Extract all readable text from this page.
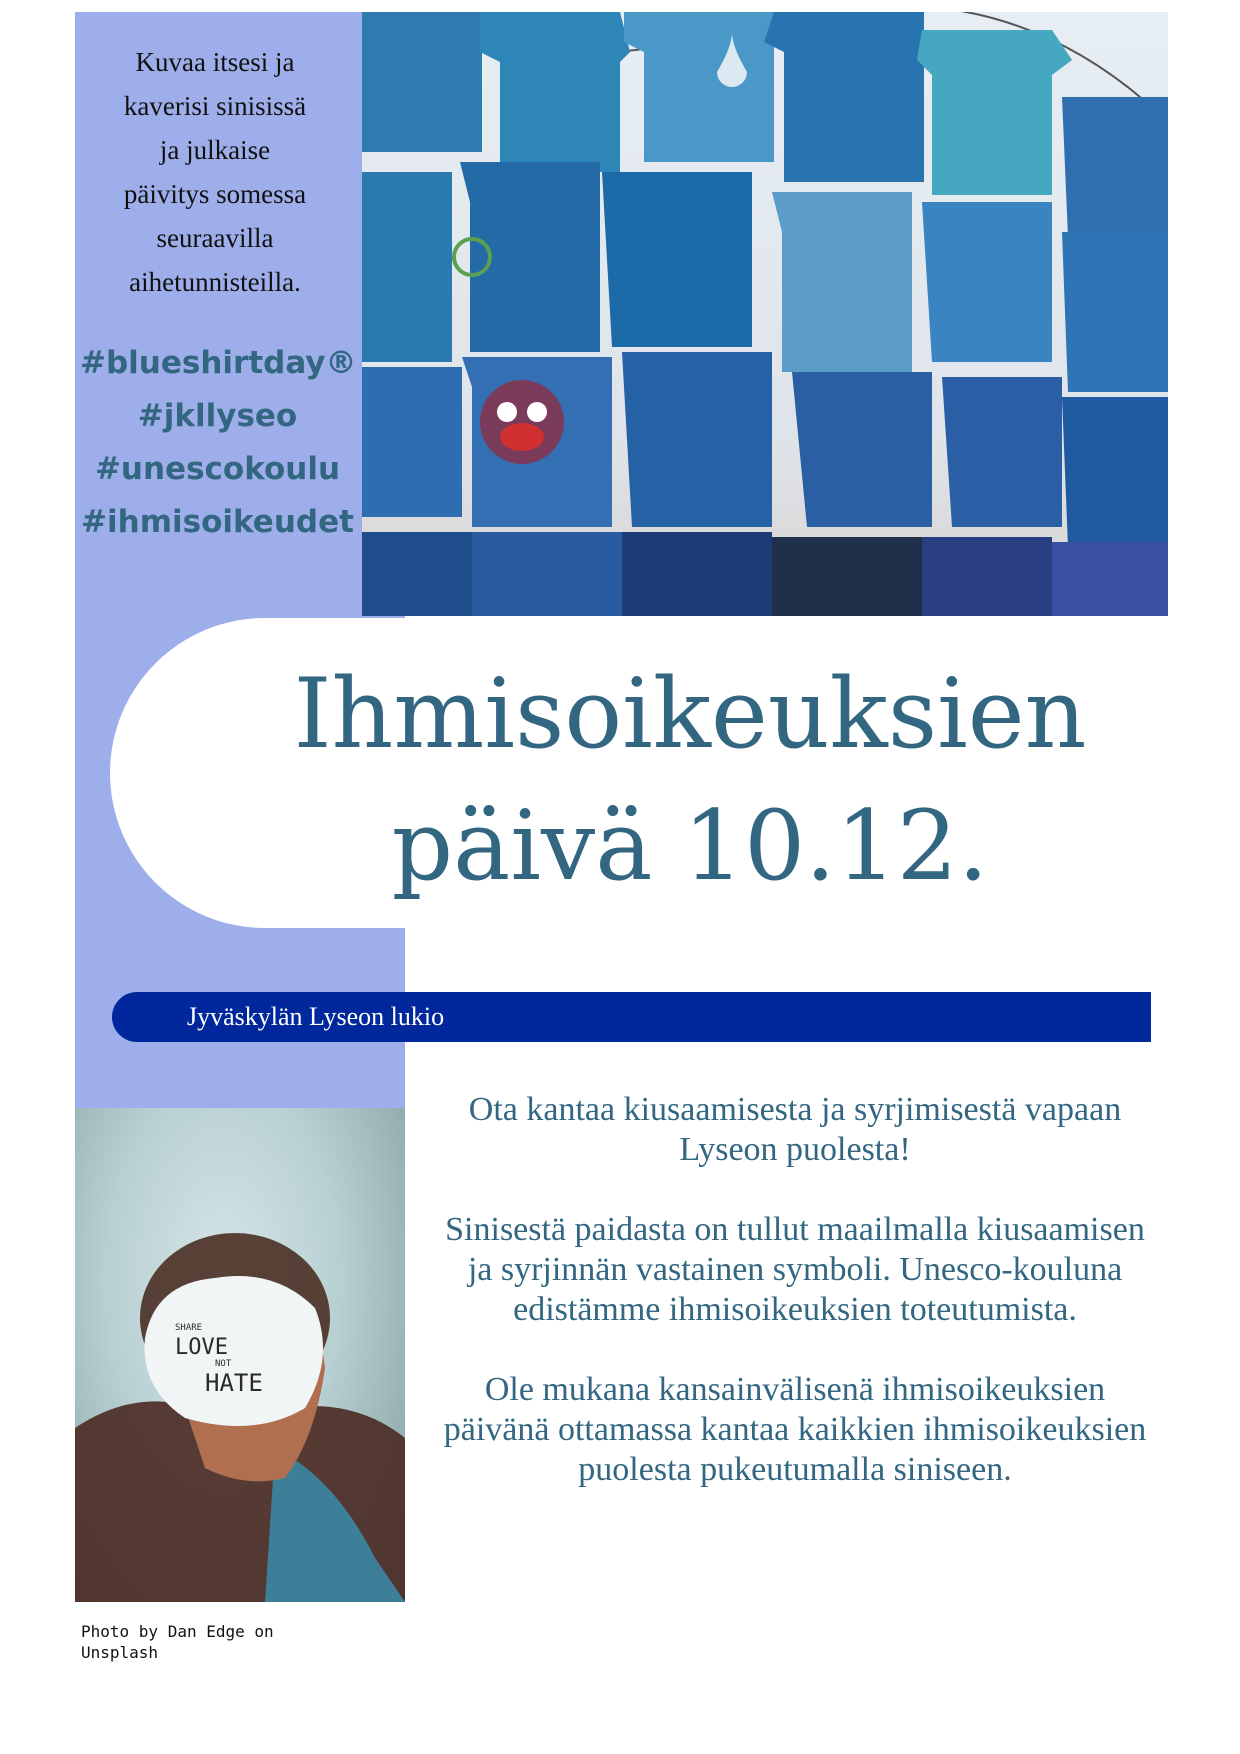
Kuvaa itsesi ja
kaverisi sinisissä
ja julkaise
päivitys somessa
seuraavilla
aihetunnisteilla.
#blueshirtday®
#jkllyseo
#unescokoulu
#ihmisoikeudet
Ihmisoikeuksien
päivä 10.12.
Jyväskylän Lyseon lukio
SHARE
LOVE
NOT
HATE
Photo by Dan Edge on
Unsplash

Ota kantaa kiusaamisesta ja syrjimisestä vapaan Lyseon puolesta!

Sinisestä paidasta on tullut maailmalla kiusaamisen ja syrjinnän vastainen symboli. Unesco-kouluna edistämme ihmisoikeuksien toteutumista.

Ole mukana kansainvälisenä ihmisoikeuksien päivänä ottamassa kantaa kaikkien ihmisoikeuksien puolesta pukeutumalla siniseen.
